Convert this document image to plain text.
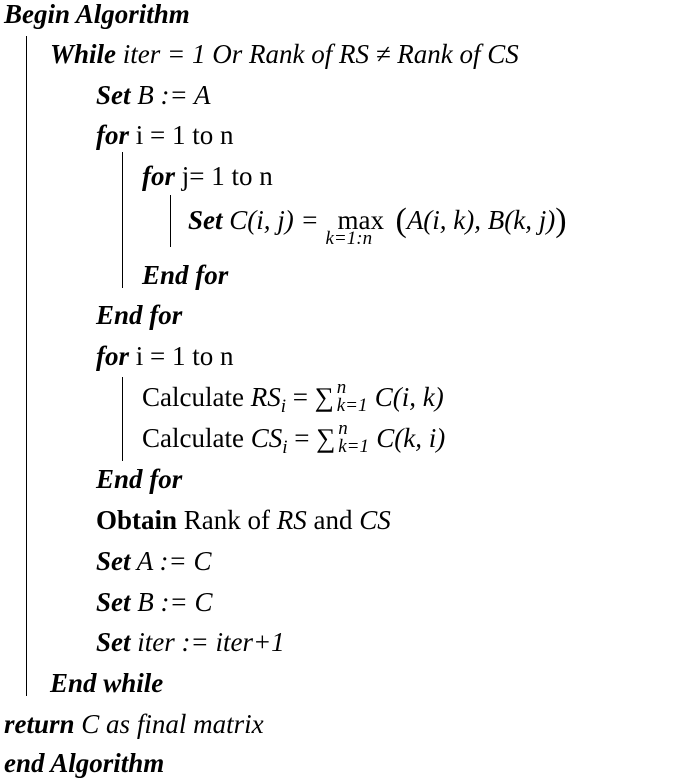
Begin Algorithm
While iter = 1 Or Rank of RS ≠ Rank of CS
Set B := A
for i = 1 to n
for j= 1 to n
Set C(i, j) = max
k=1:n (A(i, k), B(k, j))
End for
End for
for i = 1 to n
Calculate $RS_i$ = ∑ n
k=1 C(i, k)
Calculate $CS_i$ = ∑ n
k=1 C(k, i)
End for
Obtain Rank of RS and CS
Set A := C
Set B := C
Set iter := iter+1
End while
return C as final matrix
end Algorithm
